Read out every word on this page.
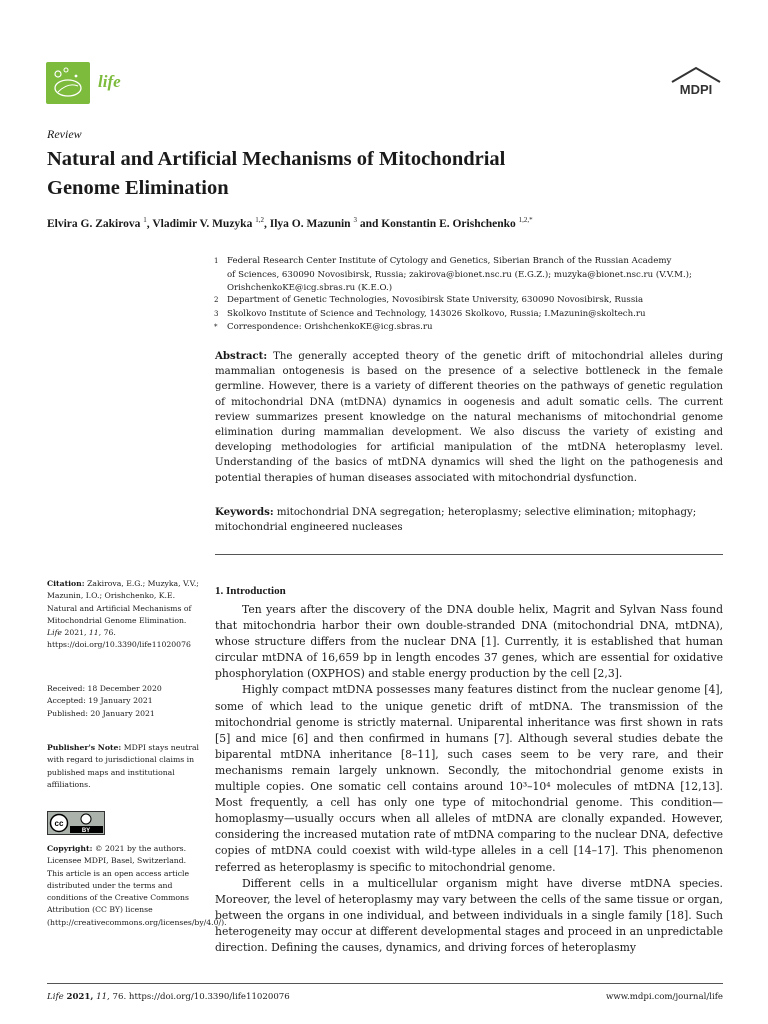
life	MDPI
Review
Natural and Artificial Mechanisms of Mitochondrial
Genome Elimination
Elvira G. Zakirova $^1$, Vladimir V. Muzyka $^{1,2}$, Ilya O. Mazunin $^3$ and Konstantin E. Orishchenko $^{1,2,*}$
1 Federal Research Center Institute of Cytology and Genetics, Siberian Branch of the Russian Academy
of Sciences, 630090 Novosibirsk, Russia; zakirova@bionet.nsc.ru (E.G.Z.); muzyka@bionet.nsc.ru (V.V.M.);
OrishchenkoKE@icg.sbras.ru (K.E.O.)
2 Department of Genetic Technologies, Novosibirsk State University, 630090 Novosibirsk, Russia
3 Skolkovo Institute of Science and Technology, 143026 Skolkovo, Russia; I.Mazunin@skoltech.ru
* Correspondence: OrishchenkoKE@icg.sbras.ru

Abstract: The generally accepted theory of the genetic drift of mitochondrial alleles during mammalian ontogenesis is based on the presence of a selective bottleneck in the female germline. However, there is a variety of different theories on the pathways of genetic regulation of mitochondrial DNA (mtDNA) dynamics in oogenesis and adult somatic cells. The current review summarizes present knowledge on the natural mechanisms of mitochondrial genome elimination during mammalian development. We also discuss the variety of existing and developing methodologies for artificial manipulation of the mtDNA heteroplasmy level. Understanding of the basics of mtDNA dynamics will shed the light on the pathogenesis and potential therapies of human diseases associated with mitochondrial dysfunction.

Keywords: mitochondrial DNA segregation; heteroplasmy; selective elimination; mitophagy; mitochondrial engineered nucleases

Citation: Zakirova, E.G.; Muzyka, V.V.; Mazunin, I.O.; Orishchenko, K.E. Natural and Artificial Mechanisms of Mitochondrial Genome Elimination. Life 2021, 11, 76. https://doi.org/10.3390/life11020076

Received: 18 December 2020

Accepted: 19 January 2021

Published: 20 January 2021

Publisher's Note: MDPI stays neutral with regard to jurisdictional claims in published maps and institutional affiliations.

cc
BY

Copyright: © 2021 by the authors. Licensee MDPI, Basel, Switzerland. This article is an open access article distributed under the terms and conditions of the Creative Commons Attribution (CC BY) license (http://creativecommons.org/licenses/by/4.0/).

1. Introduction

Ten years after the discovery of the DNA double helix, Magrit and Sylvan Nass found that mitochondria harbor their own double-stranded DNA (mitochondrial DNA, mtDNA), whose structure differs from the nuclear DNA [1]. Currently, it is established that human circular mtDNA of 16,659 bp in length encodes 37 genes, which are essential for oxidative phosphorylation (OXPHOS) and stable energy production by the cell [2,3].

Highly compact mtDNA possesses many features distinct from the nuclear genome [4], some of which lead to the unique genetic drift of mtDNA. The transmission of the mitochondrial genome is strictly maternal. Uniparental inheritance was first shown in rats [5] and mice [6] and then confirmed in humans [7]. Although several studies debate the biparental mtDNA inheritance [8–11], such cases seem to be very rare, and their mechanisms remain largely unknown. Secondly, the mitochondrial genome exists in multiple copies. One somatic cell contains around 10³–10⁴ molecules of mtDNA [12,13]. Most frequently, a cell has only one type of mitochondrial genome. This condition—homoplasmy—usually occurs when all alleles of mtDNA are clonally expanded. However, considering the increased mutation rate of mtDNA comparing to the nuclear DNA, defective copies of mtDNA could coexist with wild-type alleles in a cell [14–17]. This phenomenon referred as heteroplasmy is specific to mitochondrial genome.

Different cells in a multicellular organism might have diverse mtDNA species. Moreover, the level of heteroplasmy may vary between the cells of the same tissue or organ, between the organs in one individual, and between individuals in a single family [18]. Such heterogeneity may occur at different developmental stages and proceed in an unpredictable direction. Defining the causes, dynamics, and driving forces of heteroplasmy

Life 2021, 11, 76. https://doi.org/10.3390/life11020076	www.mdpi.com/journal/life
